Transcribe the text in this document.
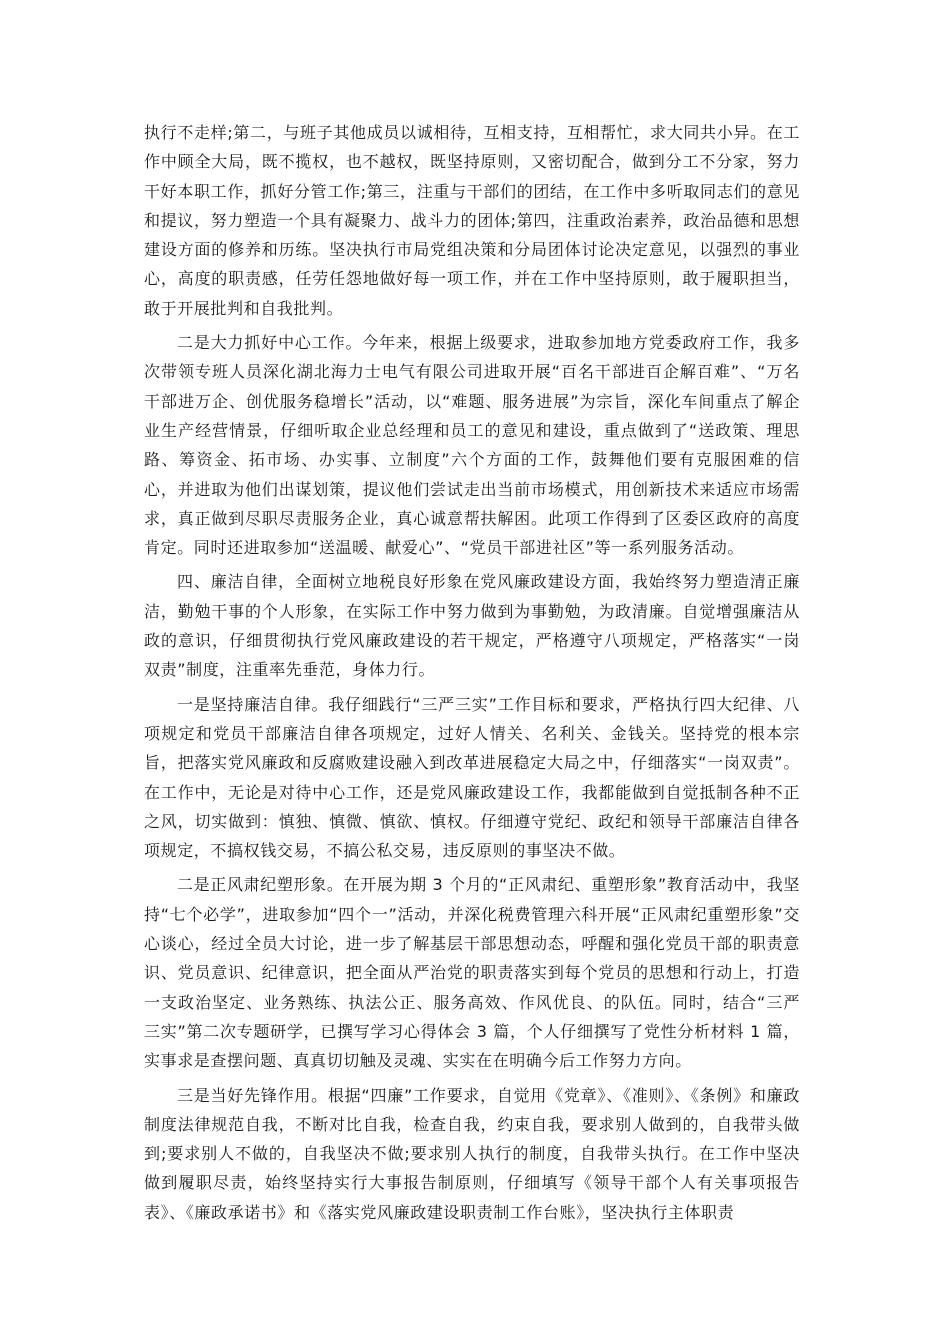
执行不走样;第二，与班子其他成员以诚相待，互相支持，互相帮忙，求大同共小异。在工作中顾全大局，既不揽权，也不越权，既坚持原则，又密切配合，做到分工不分家，努力干好本职工作，抓好分管工作;第三，注重与干部们的团结，在工作中多听取同志们的意见和提议，努力塑造一个具有凝聚力、战斗力的团体;第四，注重政治素养，政治品德和思想建设方面的修养和历练。坚决执行市局党组决策和分局团体讨论决定意见，以强烈的事业心，高度的职责感，任劳任怨地做好每一项工作，并在工作中坚持原则，敢于履职担当，敢于开展批判和自我批判。

二是大力抓好中心工作。今年来，根据上级要求，进取参加地方党委政府工作，我多次带领专班人员深化湖北海力士电气有限公司进取开展“百名干部进百企解百难”、“万名干部进万企、创优服务稳增长”活动，以“难题、服务进展”为宗旨，深化车间重点了解企业生产经营情景，仔细听取企业总经理和员工的意见和建设，重点做到了“送政策、理思路、筹资金、拓市场、办实事、立制度”六个方面的工作，鼓舞他们要有克服困难的信心，并进取为他们出谋划策，提议他们尝试走出当前市场模式，用创新技术来适应市场需求，真正做到尽职尽责服务企业，真心诚意帮扶解困。此项工作得到了区委区政府的高度肯定。同时还进取参加“送温暖、献爱心”、“党员干部进社区”等一系列服务活动。

四、廉洁自律，全面树立地税良好形象在党风廉政建设方面，我始终努力塑造清正廉洁，勤勉干事的个人形象，在实际工作中努力做到为事勤勉，为政清廉。自觉增强廉洁从政的意识，仔细贯彻执行党风廉政建设的若干规定，严格遵守八项规定，严格落实“一岗双责”制度，注重率先垂范，身体力行。

一是坚持廉洁自律。我仔细践行“三严三实”工作目标和要求，严格执行四大纪律、八项规定和党员干部廉洁自律各项规定，过好人情关、名利关、金钱关。坚持党的根本宗旨，把落实党风廉政和反腐败建设融入到改革进展稳定大局之中，仔细落实“一岗双责”。在工作中，无论是对待中心工作，还是党风廉政建设工作，我都能做到自觉抵制各种不正之风，切实做到：慎独、慎微、慎欲、慎权。仔细遵守党纪、政纪和领导干部廉洁自律各项规定，不搞权钱交易，不搞公私交易，违反原则的事坚决不做。

二是正风肃纪塑形象。在开展为期 3 个月的“正风肃纪、重塑形象”教育活动中，我坚持“七个必学”，进取参加“四个一”活动，并深化税费管理六科开展“正风肃纪重塑形象”交心谈心，经过全员大讨论，进一步了解基层干部思想动态，呼醒和强化党员干部的职责意识、党员意识、纪律意识，把全面从严治党的职责落实到每个党员的思想和行动上，打造一支政治坚定、业务熟练、执法公正、服务高效、作风优良、的队伍。同时，结合“三严三实”第二次专题研学，已撰写学习心得体会 3 篇，个人仔细撰写了党性分析材料 1 篇，实事求是查摆问题、真真切切触及灵魂、实实在在明确今后工作努力方向。

三是当好先锋作用。根据“四廉”工作要求，自觉用《党章》、《准则》、《条例》和廉政制度法律规范自我，不断对比自我，检查自我，约束自我，要求别人做到的，自我带头做到;要求别人不做的，自我坚决不做;要求别人执行的制度，自我带头执行。在工作中坚决做到履职尽责，始终坚持实行大事报告制原则，仔细填写《领导干部个人有关事项报告表》、《廉政承诺书》和《落实党风廉政建设职责制工作台账》，坚决执行主体职责
